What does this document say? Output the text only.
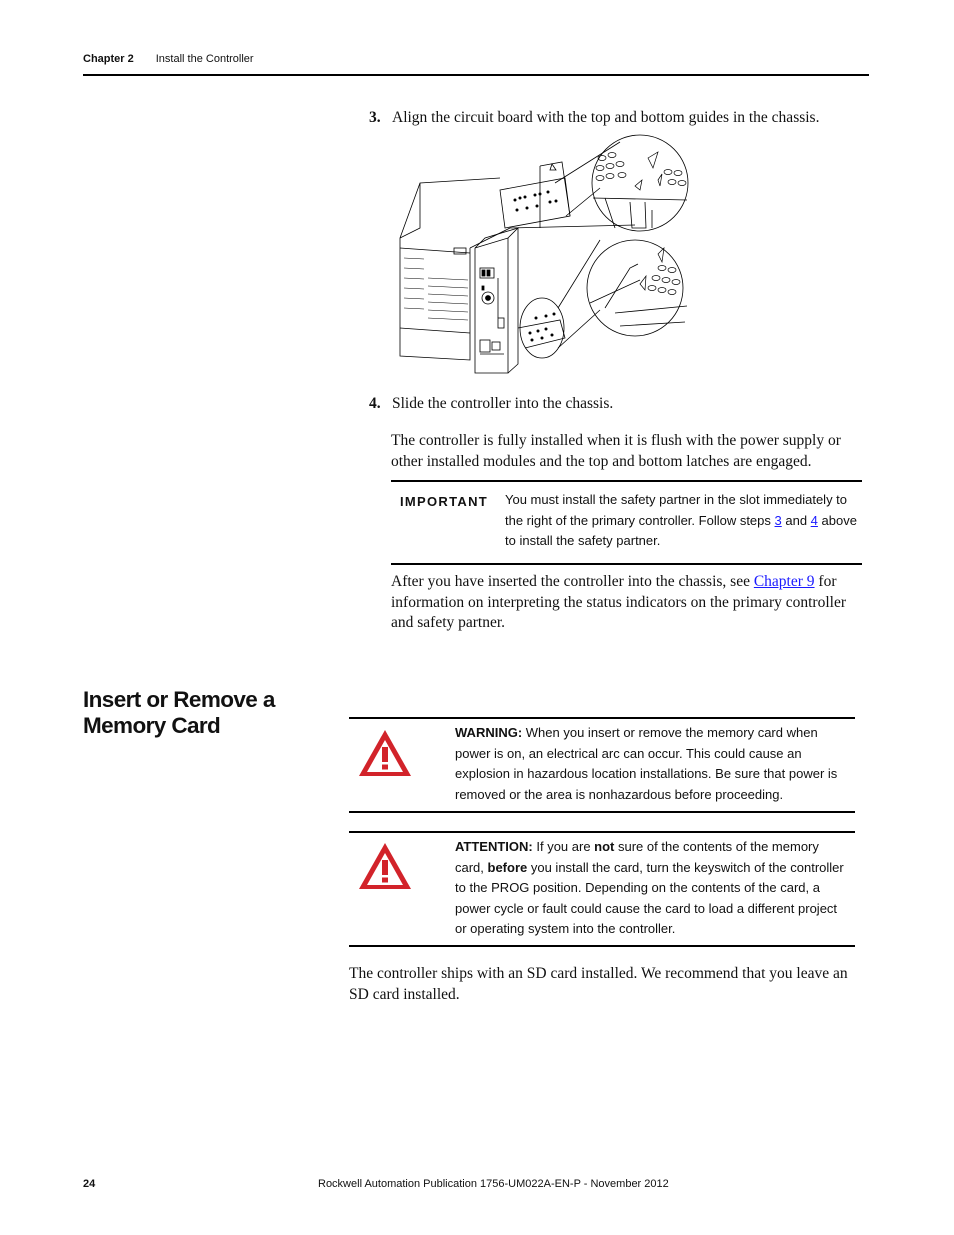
Chapter 2 Install the Controller
3. Align the circuit board with the top and bottom guides in the chassis.
4. Slide the controller into the chassis.
The controller is fully installed when it is flush with the power supply or other installed modules and the top and bottom latches are engaged.
IMPORTANT You must install the safety partner in the slot immediately to the right of the primary controller. Follow steps 3 and 4 above to install the safety partner.
After you have inserted the controller into the chassis, see Chapter 9 for information on interpreting the status indicators on the primary controller and safety partner.
Insert or Remove a Memory Card	WARNING: When you insert or remove the memory card when power is on, an electrical arc can occur. This could cause an explosion in hazardous location installations. Be sure that power is removed or the area is nonhazardous before proceeding.
ATTENTION: If you are not sure of the contents of the memory card, before you install the card, turn the keyswitch of the controller to the PROG position. Depending on the contents of the card, a power cycle or fault could cause the card to load a different project or operating system into the controller.
The controller ships with an SD card installed. We recommend that you leave an SD card installed.
24	Rockwell Automation Publication 1756-UM022A-EN-P - November 2012
